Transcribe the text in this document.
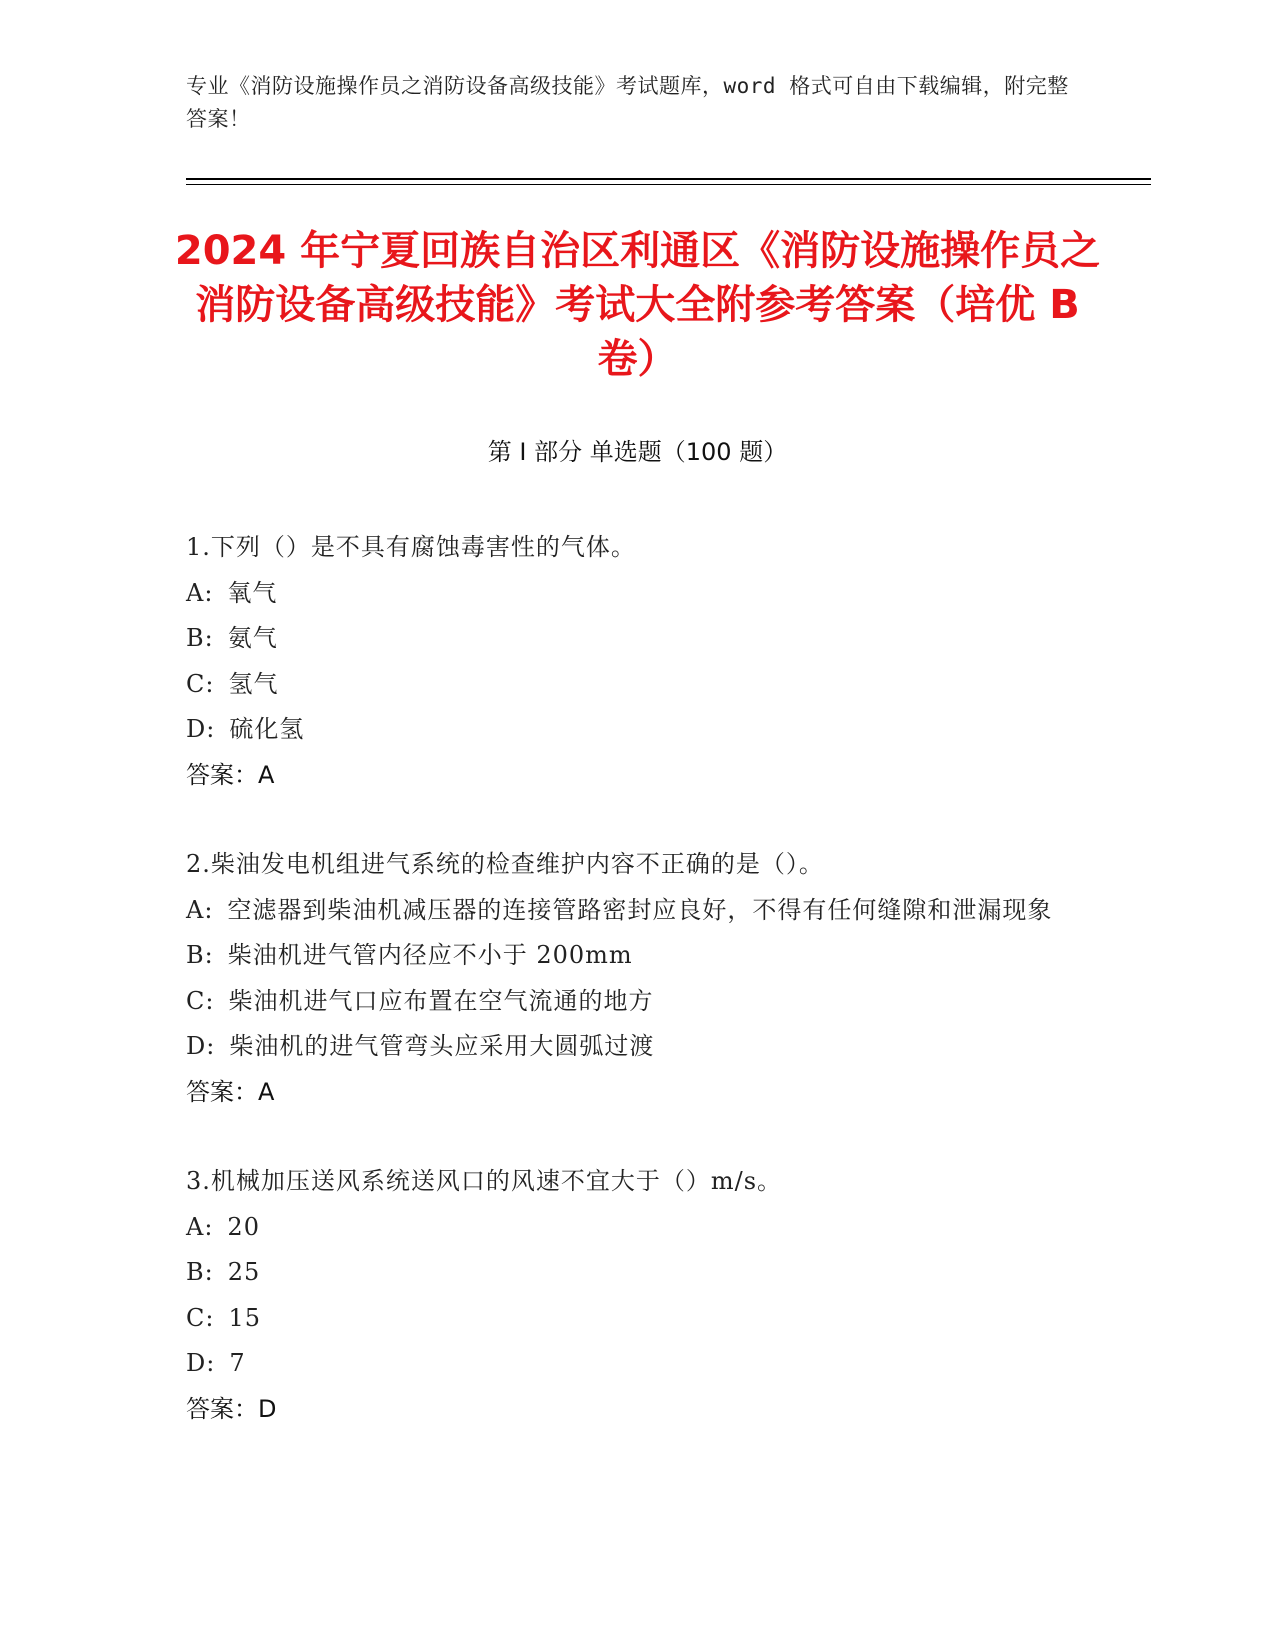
专业《消防设施操作员之消防设备高级技能》考试题库，word 格式可自由下载编辑，附完整答案！
2024 年宁夏回族自治区利通区《消防设施操作员之消防设备高级技能》考试大全附参考答案（培优 B 卷）
第 I 部分 单选题（100 题）
1.下列（）是不具有腐蚀毒害性的气体。
A: 氧气
B: 氨气
C: 氢气
D: 硫化氢
答案：A
2.柴油发电机组进气系统的检查维护内容不正确的是（）。
A: 空滤器到柴油机减压器的连接管路密封应良好，不得有任何缝隙和泄漏现象
B: 柴油机进气管内径应不小于 200mm
C: 柴油机进气口应布置在空气流通的地方
D: 柴油机的进气管弯头应采用大圆弧过渡
答案：A
3.机械加压送风系统送风口的风速不宜大于（）m/s。
A: 20
B: 25
C: 15
D: 7
答案：D
